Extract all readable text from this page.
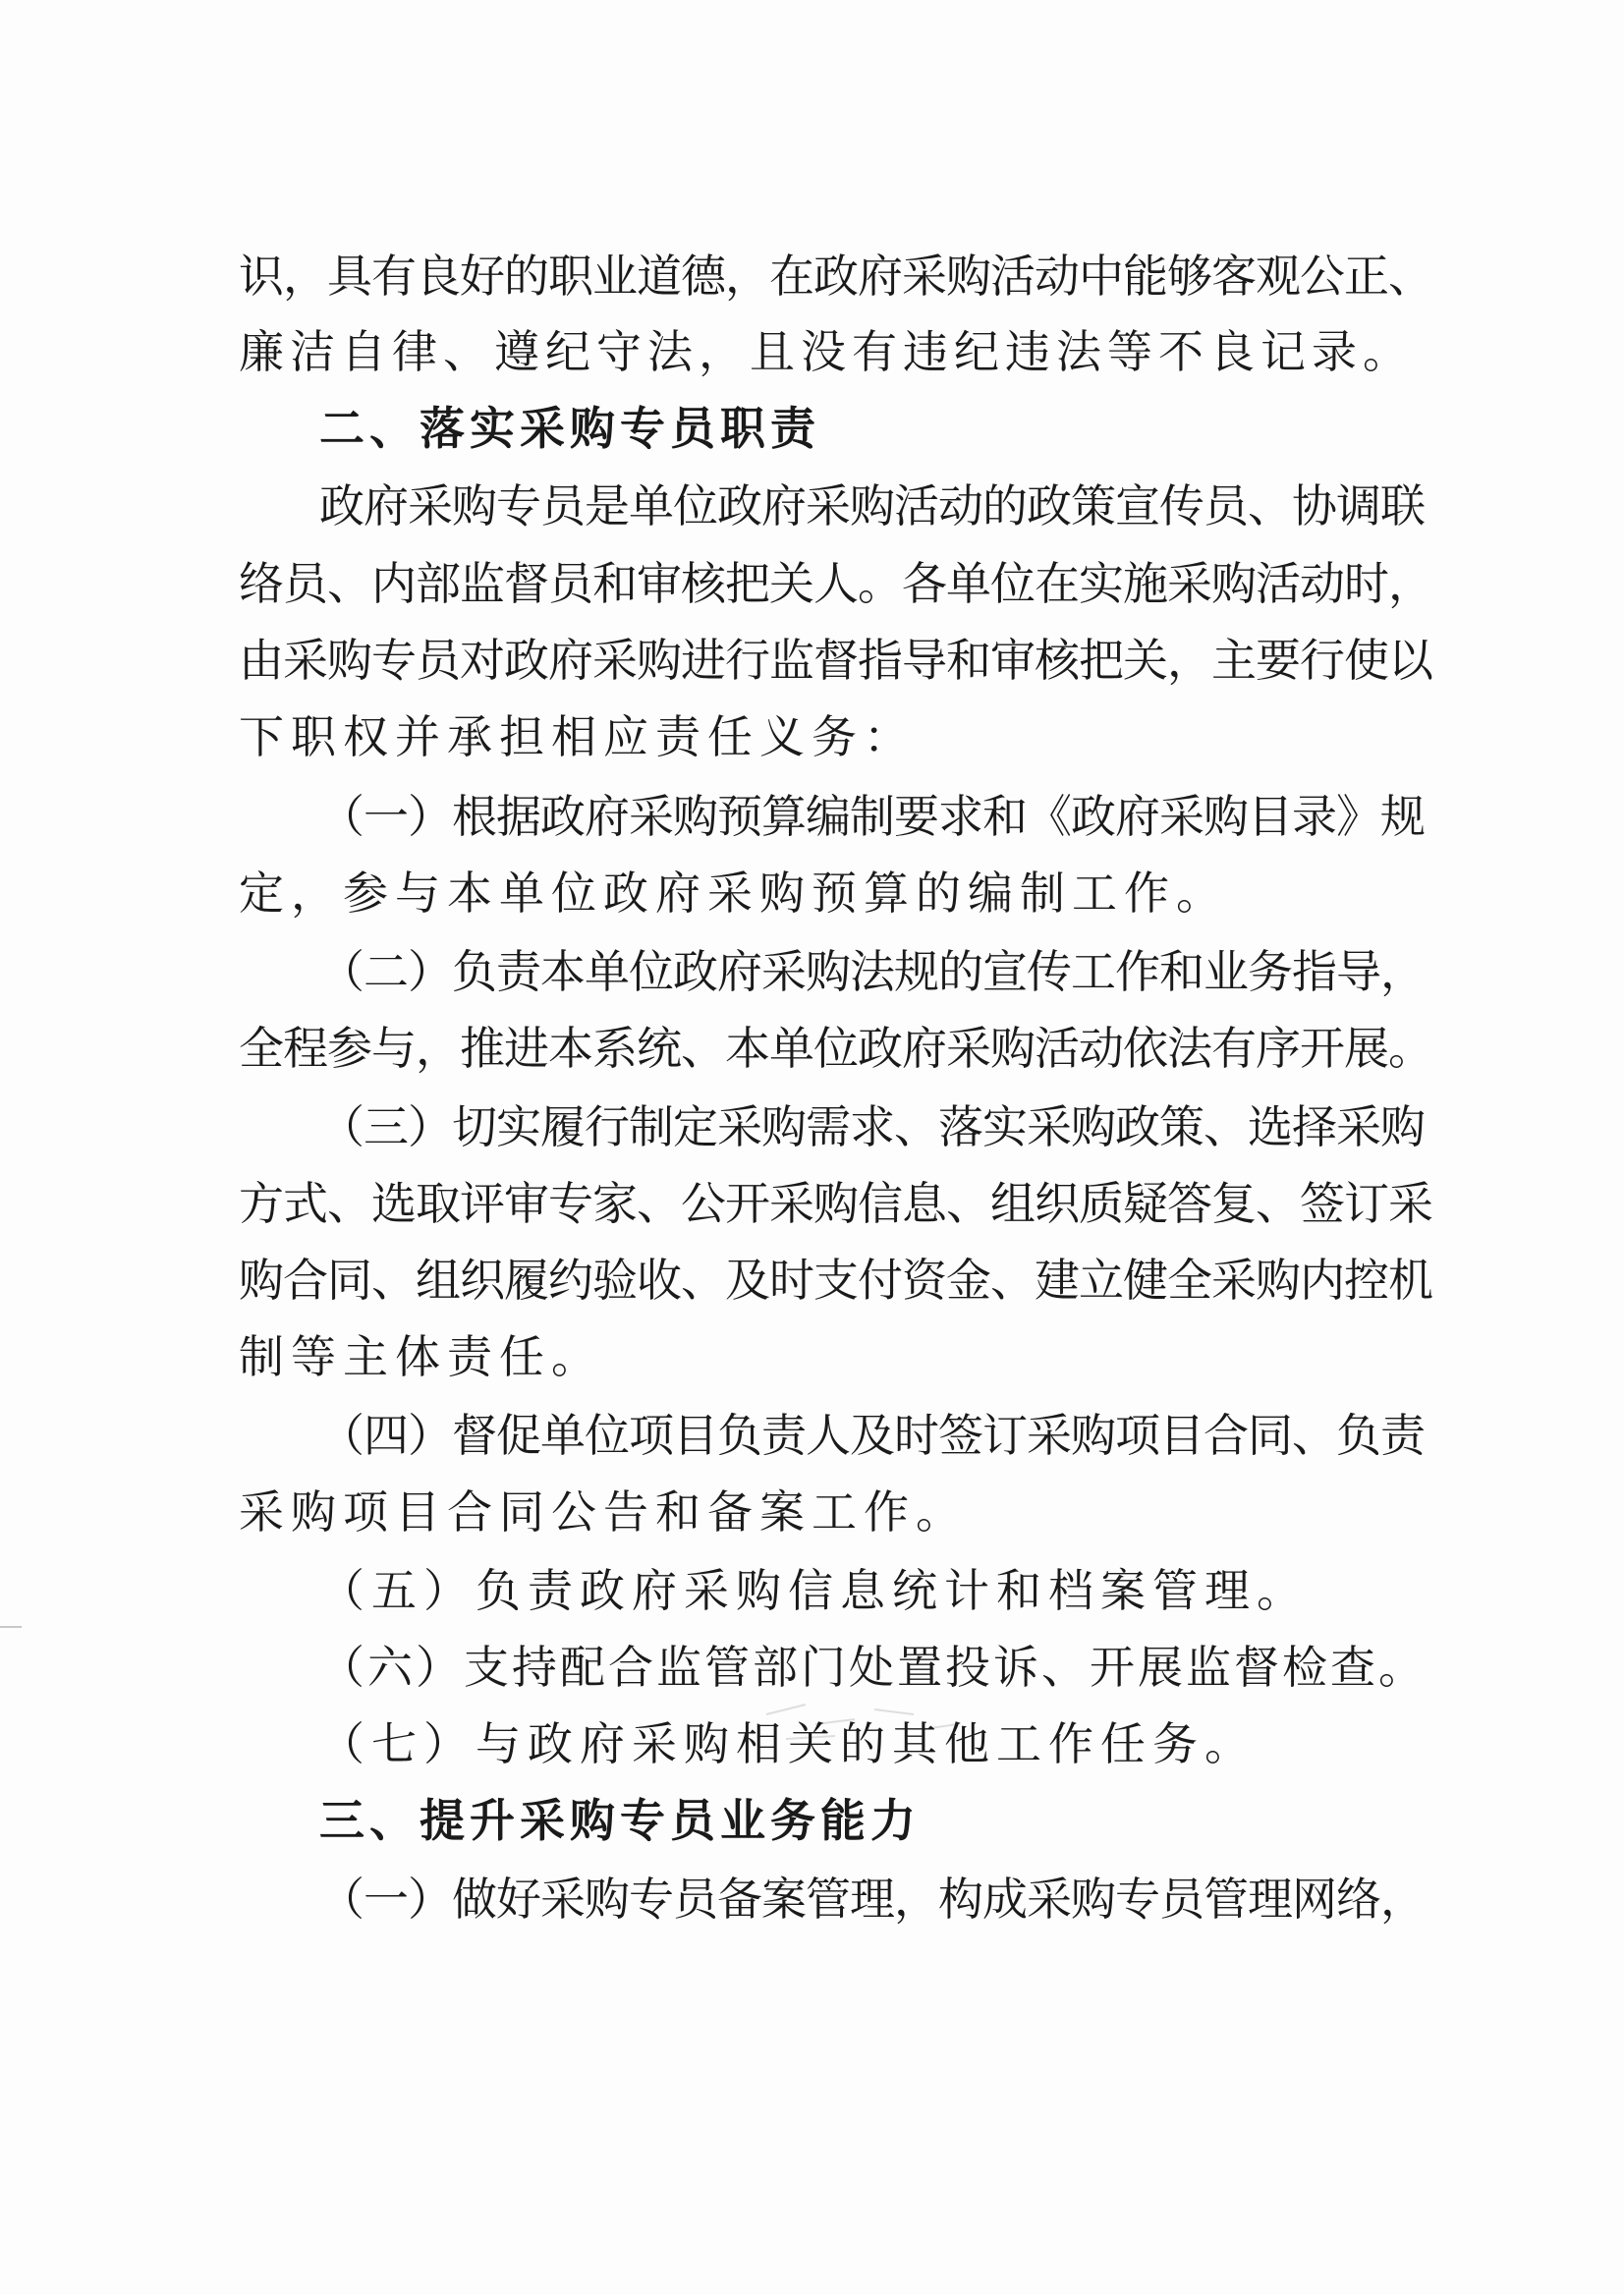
识，具有良好的职业道德，在政府采购活动中能够客观公正、
廉洁自律、遵纪守法，且没有违纪违法等不良记录。
二、落实采购专员职责
政府采购专员是单位政府采购活动的政策宣传员、协调联
络员、内部监督员和审核把关人。各单位在实施采购活动时，
由采购专员对政府采购进行监督指导和审核把关，主要行使以
下职权并承担相应责任义务：
（一）根据政府采购预算编制要求和《政府采购目录》规
定，参与本单位政府采购预算的编制工作。
（二）负责本单位政府采购法规的宣传工作和业务指导，
全程参与，推进本系统、本单位政府采购活动依法有序开展。
（三）切实履行制定采购需求、落实采购政策、选择采购
方式、选取评审专家、公开采购信息、组织质疑答复、签订采
购合同、组织履约验收、及时支付资金、建立健全采购内控机
制等主体责任。
（四）督促单位项目负责人及时签订采购项目合同、负责
采购项目合同公告和备案工作。
（五）负责政府采购信息统计和档案管理。
（六）支持配合监管部门处置投诉、开展监督检查。
（七）与政府采购相关的其他工作任务。
三、提升采购专员业务能力
（一）做好采购专员备案管理，构成采购专员管理网络，
